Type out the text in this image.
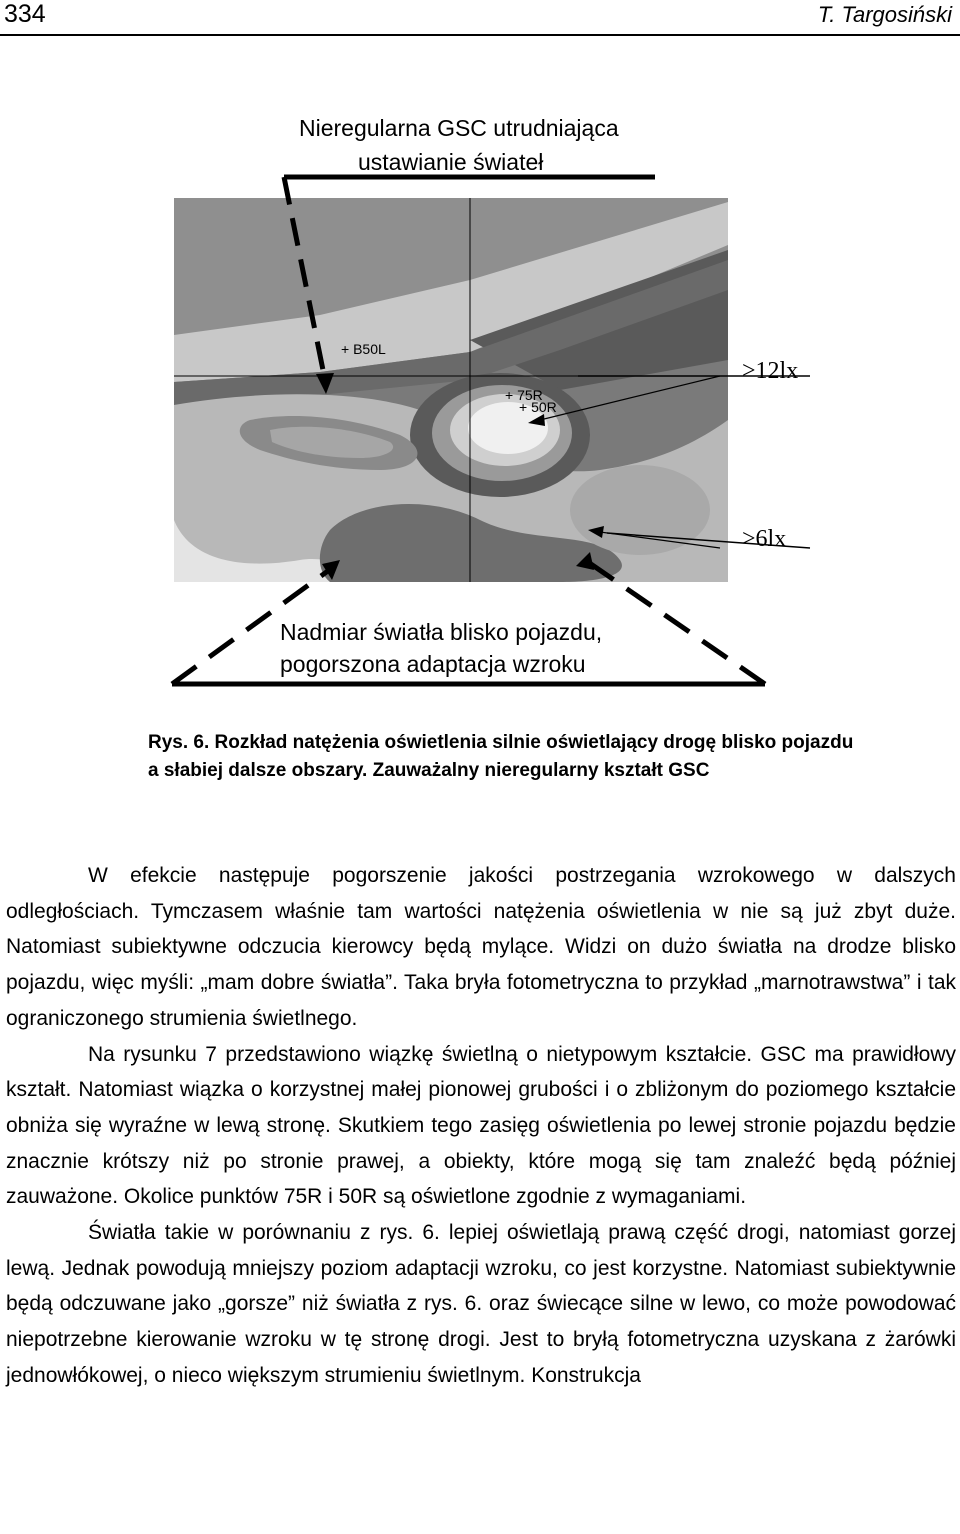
334	T. Targosiński
Nieregularna GSC utrudniająca
ustawianie świateł
+ B50L
+ 75R
+ 50R
>12lx
>6lx
Nadmiar światła blisko pojazdu,
pogorszona adaptacja wzroku
Rys. 6. Rozkład natężenia oświetlenia silnie oświetlający drogę blisko pojazdu a słabiej dalsze obszary. Zauważalny nieregularny kształt GSC

W efekcie następuje pogorszenie jakości postrzegania wzrokowego w dalszych odległościach. Tymczasem właśnie tam wartości natężenia oświetlenia w nie są już zbyt duże. Natomiast subiektywne odczucia kierowcy będą mylące. Widzi on dużo światła na drodze blisko pojazdu, więc myśli: „mam dobre światła”. Taka bryła fotometryczna to przykład „marnotrawstwa” i tak ograniczonego strumienia świetlnego.

Na rysunku 7 przedstawiono wiązkę świetlną o nietypowym kształcie. GSC ma prawidłowy kształt. Natomiast wiązka o korzystnej małej pionowej grubości i o zbliżonym do poziomego kształcie obniża się wyraźne w lewą stronę. Skutkiem tego zasięg oświetlenia po lewej stronie pojazdu będzie znacznie krótszy niż po stronie prawej, a obiekty, które mogą się tam znaleźć będą później zauważone. Okolice punktów 75R i 50R są oświetlone zgodnie z wymaganiami.

Światła takie w porównaniu z rys. 6. lepiej oświetlają prawą część drogi, natomiast gorzej lewą. Jednak powodują mniejszy poziom adaptacji wzroku, co jest korzystne. Natomiast subiektywnie będą odczuwane jako „gorsze” niż światła z rys. 6. oraz świecące silne w lewo, co może powodować niepotrzebne kierowanie wzroku w tę stronę drogi. Jest to bryłą fotometryczna uzyskana z żarówki jednowłókowej, o nieco większym strumieniu świetlnym. Konstrukcja
